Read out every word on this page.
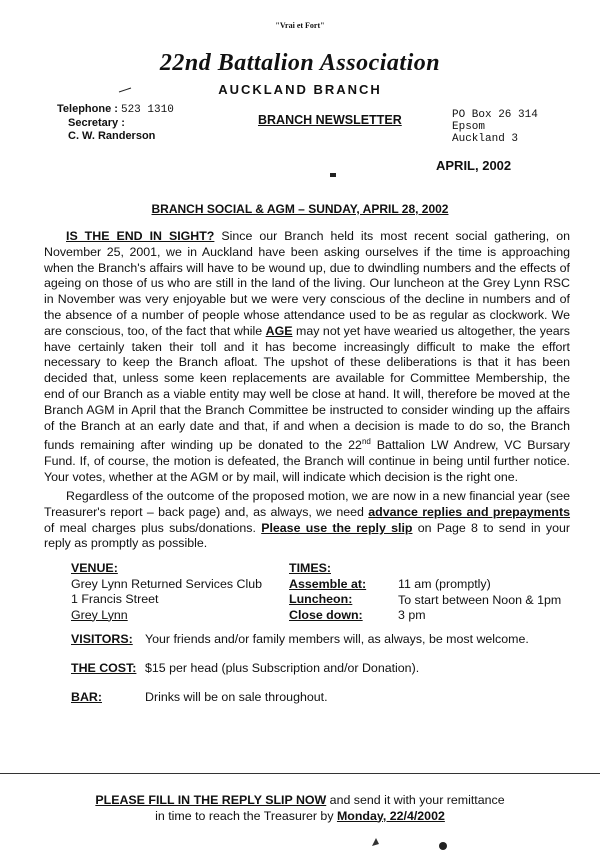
"Vrai et Fort"
22nd Battalion Association
AUCKLAND BRANCH
Telephone : 523 1310
Secretary :
C. W. Randerson
BRANCH NEWSLETTER	PO Box 26 314
Epsom
Auckland 3
APRIL, 2002
BRANCH SOCIAL & AGM – SUNDAY, APRIL 28, 2002
IS THE END IN SIGHT? Since our Branch held its most recent social gathering, on November 25, 2001, we in Auckland have been asking ourselves if the time is approaching when the Branch's affairs will have to be wound up, due to dwindling numbers and the effects of ageing on those of us who are still in the land of the living. Our luncheon at the Grey Lynn RSC in November was very enjoyable but we were very conscious of the decline in numbers and of the absence of a number of people whose attendance used to be as regular as clockwork. We are conscious, too, of the fact that while AGE may not yet have wearied us altogether, the years have certainly taken their toll and it has become increasingly difficult to make the effort necessary to keep the Branch afloat. The upshot of these deliberations is that it has been decided that, unless some keen replacements are available for Committee Membership, the end of our Branch as a viable entity may well be close at hand. It will, therefore be moved at the Branch AGM in April that the Branch Committee be instructed to consider winding up the affairs of the Branch at an early date and that, if and when a decision is made to do so, the Branch funds remaining after winding up be donated to the 22nd Battalion LW Andrew, VC Bursary Fund. If, of course, the motion is defeated, the Branch will continue in being until further notice. Your votes, whether at the AGM or by mail, will indicate which decision is the right one.
Regardless of the outcome of the proposed motion, we are now in a new financial year (see Treasurer's report – back page) and, as always, we need advance replies and prepayments of meal charges plus subs/donations. Please use the reply slip on Page 8 to send in your reply as promptly as possible.
VENUE:
Grey Lynn Returned Services Club
1 Francis Street
Grey Lynn
TIMES:
Assemble at:
Luncheon:
Close down:
11 am (promptly)
To start between Noon & 1pm
3 pm
VISITORS: Your friends and/or family members will, as always, be most welcome.
THE COST: $15 per head (plus Subscription and/or Donation).
BAR:	Drinks will be on sale throughout.
PLEASE FILL IN THE REPLY SLIP NOW and send it with your remittance
in time to reach the Treasurer by Monday, 22/4/2002
